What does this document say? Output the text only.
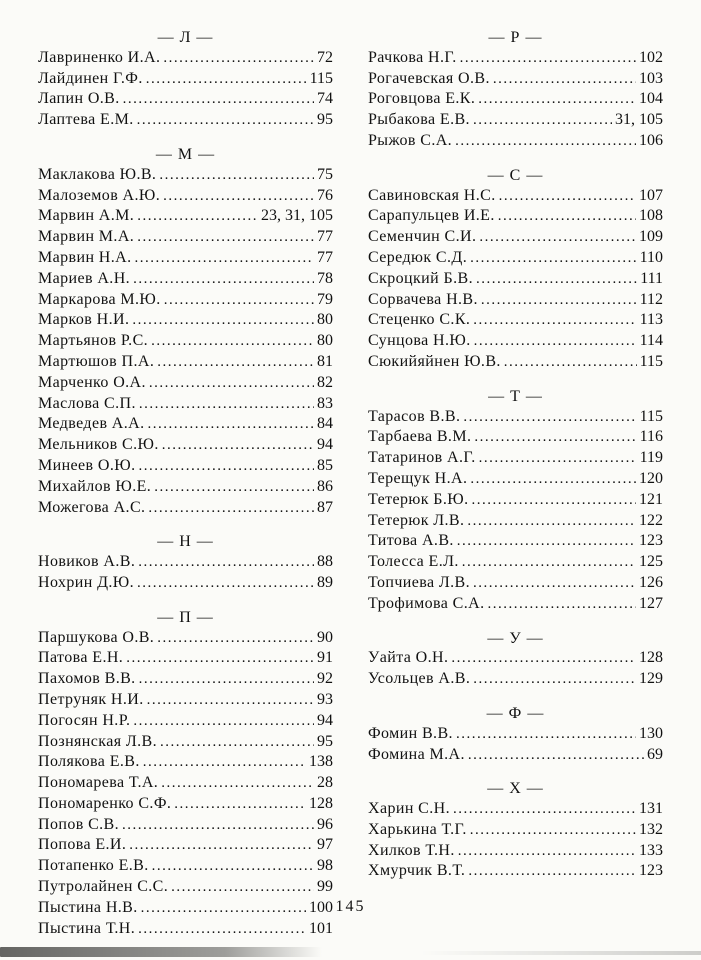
— Л —
Лавриненко И.А. .....	72
Лайдинен Г.Ф. .....	115
Лапин О.В. .....	74
Лаптева Е.М. .....	95
— М —
Маклакова Ю.В. .....	75
Малоземов А.Ю. .....	76
Марвин А.М. .....	23, 31, 105
Марвин М.А. .....	77
Марвин Н.А. .....	77
Мариев А.Н. .....	78
Маркарова М.Ю. .....	79
Марков Н.И. .....	80
Мартьянов Р.С. .....	80
Мартюшов П.А. .....	81
Марченко О.А. .....	82
Маслова С.П. .....	83
Медведев А.А. .....	84
Мельников С.Ю. .....	94
Минеев О.Ю. .....	85
Михайлов Ю.Е. .....	86
Можегова А.С. .....	87
— Н —
Новиков А.В. .....	88
Нохрин Д.Ю. .....	89
— П —
Паршукова О.В. .....	90
Патова Е.Н. .....	91
Пахомов В.В. .....	92
Петруняк Н.И. .....	93
Погосян Н.Р. .....	94
Познянская Л.В. .....	95
Полякова Е.В. .....	138
Пономарева Т.А. .....	28
Пономаренко С.Ф. .....	128
Попов С.В. .....	96
Попова Е.И. .....	97
Потапенко Е.В. .....	98
Путролайнен С.С. .....	99
Пыстина Н.В. .....	100
Пыстина Т.Н. .....	101
— Р —
Рачкова Н.Г. .....	102
Рогачевская О.В. .....	103
Роговцова Е.К. .....	104
Рыбакова Е.В. .....	31, 105
Рыжов С.А. .....	106
— С —
Савиновская Н.С. .....	107
Сарапульцев И.Е. .....	108
Семенчин С.И. .....	109
Середюк С.Д. .....	110
Скроцкий Б.В. .....	111
Сорвачева Н.В. .....	112
Стеценко С.К. .....	113
Сунцова Н.Ю. .....	114
Сюкийяйнен Ю.В. .....	115
— Т —
Тарасов В.В. .....	115
Тарбаева В.М. .....	116
Татаринов А.Г. .....	119
Терещук Н.А. .....	120
Тетерюк Б.Ю. .....	121
Тетерюк Л.В. .....	122
Титова А.В. .....	123
Толесса Е.Л. .....	125
Топчиева Л.В. .....	126
Трофимова С.А. .....	127
— У —
Уайта О.Н. .....	128
Усольцев А.В. .....	129
— Ф —
Фомин В.В. .....	130
Фомина М.А. .....	69
— Х —
Харин С.Н. .....	131
Харькина Т.Г. .....	132
Хилков Т.Н. .....	133
Хмурчик В.Т. .....	123
145
